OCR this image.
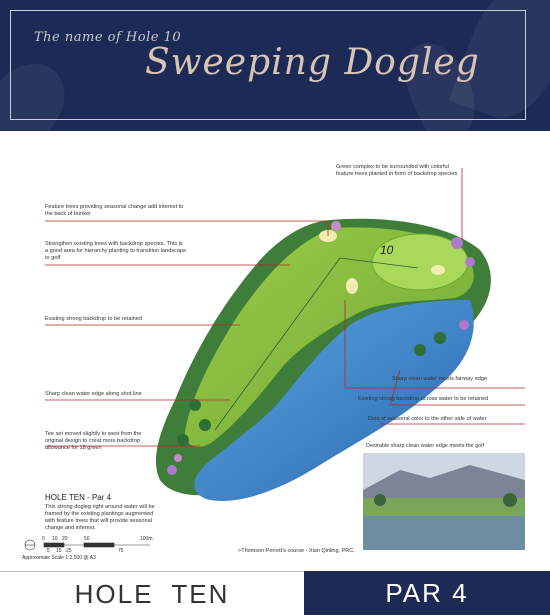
The name of Hole 10
Sweeping Dogleg
10
Green complex to be surrounded with colorful feature trees planted in front of backdrop species
Feature trees providing seasonal change add interest to the back of bunker
Strengthen existing trees with backdrop species. This is a good area for hierarchy planting to transition landscape to golf
Existing strong backdrop to be retained
Sharp clean water meets fairway edge
Sharp clean water edge along shot line
Existing strong backdrop across water to be retained
Dots of seasonal color to the other side of water
Tee set moved slightly to west from the original design to creat more backdrop allowance for 18 green	Desirable sharp clean water edge meets the golf
HOLE TEN - Par 4
This strong dogleg right around water will be framed by the existing plantings augmented with feature trees that will provide seasonal change and interest.
0 10 20	50	100m
5 15 25	75
Approximate Scale 1:2,500 @ A3
>Thomson Perrett's course - Xian Qinling, PRC.
HOLE  TEN	PAR 4
